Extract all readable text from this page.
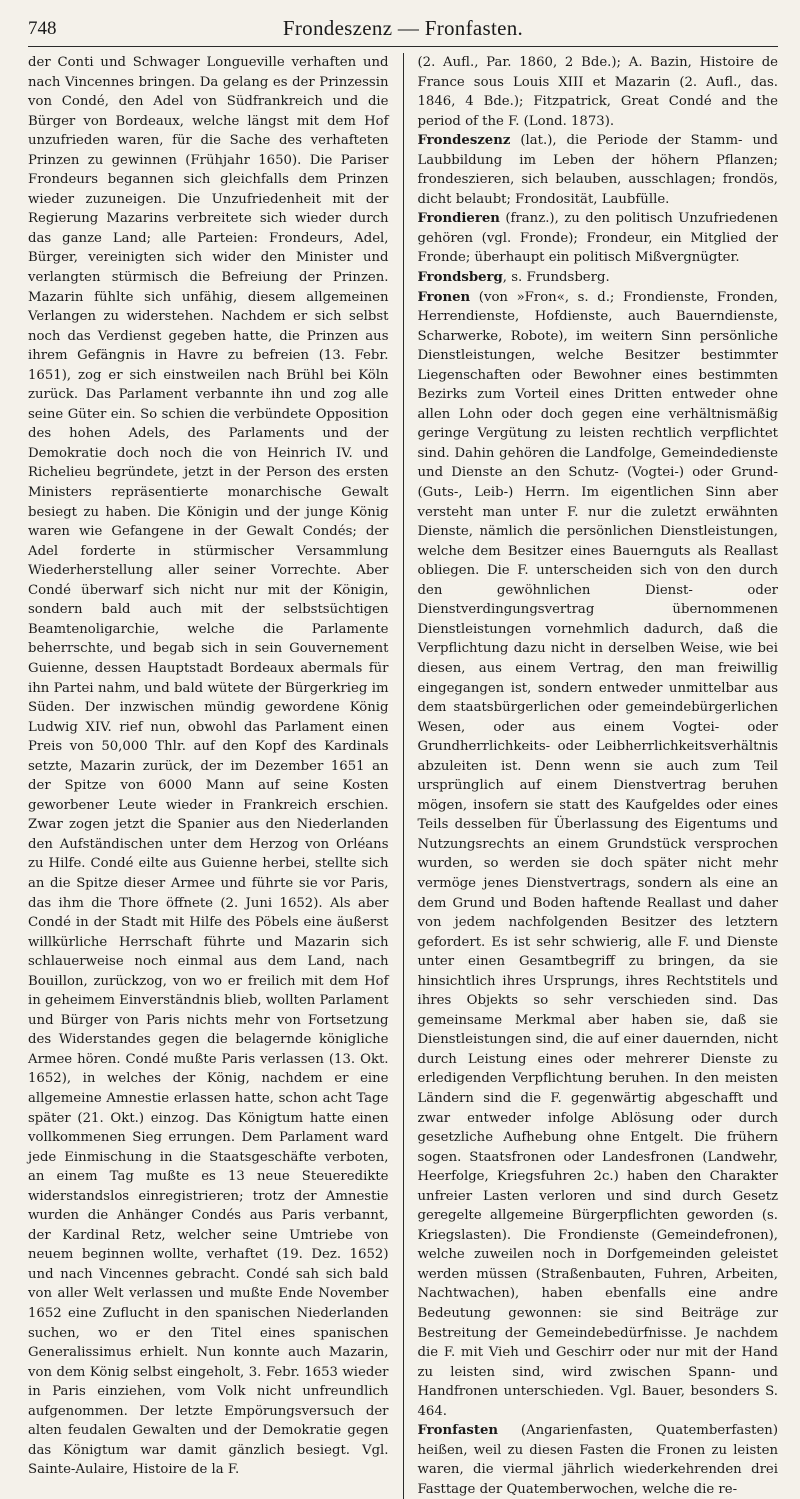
748	Frondeszenz — Fronfasten.

der Conti und Schwager Longueville verhaften und nach Vincennes bringen. Da gelang es der Prinzessin von Condé, den Adel von Südfrankreich und die Bürger von Bordeaux, welche längst mit dem Hof unzufrieden waren, für die Sache des verhafteten Prinzen zu gewinnen (Frühjahr 1650). Die Pariser Frondeurs begannen sich gleichfalls dem Prinzen wieder zuzuneigen. Die Unzufriedenheit mit der Regierung Mazarins verbreitete sich wieder durch das ganze Land; alle Parteien: Frondeurs, Adel, Bürger, vereinigten sich wider den Minister und verlangten stürmisch die Befreiung der Prinzen. Mazarin fühlte sich unfähig, diesem allgemeinen Verlangen zu widerstehen. Nachdem er sich selbst noch das Verdienst gegeben hatte, die Prinzen aus ihrem Gefängnis in Havre zu befreien (13. Febr. 1651), zog er sich einstweilen nach Brühl bei Köln zurück. Das Parlament verbannte ihn und zog alle seine Güter ein. So schien die verbündete Opposition des hohen Adels, des Parlaments und der Demokratie doch noch die von Heinrich IV. und Richelieu begründete, jetzt in der Person des ersten Ministers repräsentierte monarchische Gewalt besiegt zu haben. Die Königin und der junge König waren wie Gefangene in der Gewalt Condés; der Adel forderte in stürmischer Versammlung Wiederherstellung aller seiner Vorrechte. Aber Condé überwarf sich nicht nur mit der Königin, sondern bald auch mit der selbstsüchtigen Beamtenoligarchie, welche die Parlamente beherrschte, und begab sich in sein Gouvernement Guienne, dessen Hauptstadt Bordeaux abermals für ihn Partei nahm, und bald wütete der Bürgerkrieg im Süden. Der inzwischen mündig gewordene König Ludwig XIV. rief nun, obwohl das Parlament einen Preis von 50,000 Thlr. auf den Kopf des Kardinals setzte, Mazarin zurück, der im Dezember 1651 an der Spitze von 6000 Mann auf seine Kosten geworbener Leute wieder in Frankreich erschien. Zwar zogen jetzt die Spanier aus den Niederlanden den Aufständischen unter dem Herzog von Orléans zu Hilfe. Condé eilte aus Guienne herbei, stellte sich an die Spitze dieser Armee und führte sie vor Paris, das ihm die Thore öffnete (2. Juni 1652). Als aber Condé in der Stadt mit Hilfe des Pöbels eine äußerst willkürliche Herrschaft führte und Mazarin sich schlauerweise noch einmal aus dem Land, nach Bouillon, zurückzog, von wo er freilich mit dem Hof in geheimem Einverständnis blieb, wollten Parlament und Bürger von Paris nichts mehr von Fortsetzung des Widerstandes gegen die belagernde königliche Armee hören. Condé mußte Paris verlassen (13. Okt. 1652), in welches der König, nachdem er eine allgemeine Amnestie erlassen hatte, schon acht Tage später (21. Okt.) einzog. Das Königtum hatte einen vollkommenen Sieg errungen. Dem Parlament ward jede Einmischung in die Staatsgeschäfte verboten, an einem Tag mußte es 13 neue Steueredikte widerstandslos einregistrieren; trotz der Amnestie wurden die Anhänger Condés aus Paris verbannt, der Kardinal Retz, welcher seine Umtriebe von neuem beginnen wollte, verhaftet (19. Dez. 1652) und nach Vincennes gebracht. Condé sah sich bald von aller Welt verlassen und mußte Ende November 1652 eine Zuflucht in den spanischen Niederlanden suchen, wo er den Titel eines spanischen Generalissimus erhielt. Nun konnte auch Mazarin, von dem König selbst eingeholt, 3. Febr. 1653 wieder in Paris einziehen, vom Volk nicht unfreundlich aufgenommen. Der letzte Empörungsversuch der alten feudalen Gewalten und der Demokratie gegen das Königtum war damit gänzlich besiegt. Vgl. Sainte-Aulaire, Histoire de la F.

(2. Aufl., Par. 1860, 2 Bde.); A. Bazin, Histoire de France sous Louis XIII et Mazarin (2. Aufl., das. 1846, 4 Bde.); Fitzpatrick, Great Condé and the period of the F. (Lond. 1873).

Frondeszenz (lat.), die Periode der Stamm- und Laubbildung im Leben der höhern Pflanzen; frondeszieren, sich belauben, ausschlagen; frondös, dicht belaubt; Frondosität, Laubfülle.

Frondieren (franz.), zu den politisch Unzufriedenen gehören (vgl. Fronde); Frondeur, ein Mitglied der Fronde; überhaupt ein politisch Mißvergnügter.

Frondsberg, s. Frundsberg.

Fronen (von »Fron«, s. d.; Frondienste, Fronden, Herrendienste, Hofdienste, auch Bauerndienste, Scharwerke, Robote), im weitern Sinn persönliche Dienstleistungen, welche Besitzer bestimmter Liegenschaften oder Bewohner eines bestimmten Bezirks zum Vorteil eines Dritten entweder ohne allen Lohn oder doch gegen eine verhältnismäßig geringe Vergütung zu leisten rechtlich verpflichtet sind. Dahin gehören die Landfolge, Gemeindedienste und Dienste an den Schutz- (Vogtei-) oder Grund- (Guts-, Leib-) Herrn. Im eigentlichen Sinn aber versteht man unter F. nur die zuletzt erwähnten Dienste, nämlich die persönlichen Dienstleistungen, welche dem Besitzer eines Bauernguts als Reallast obliegen. Die F. unterscheiden sich von den durch den gewöhnlichen Dienst- oder Dienstverdingungsvertrag übernommenen Dienstleistungen vornehmlich dadurch, daß die Verpflichtung dazu nicht in derselben Weise, wie bei diesen, aus einem Vertrag, den man freiwillig eingegangen ist, sondern entweder unmittelbar aus dem staatsbürgerlichen oder gemeindebürgerlichen Wesen, oder aus einem Vogtei- oder Grundherrlichkeits- oder Leibherrlichkeitsverhältnis abzuleiten ist. Denn wenn sie auch zum Teil ursprünglich auf einem Dienstvertrag beruhen mögen, insofern sie statt des Kaufgeldes oder eines Teils desselben für Überlassung des Eigentums und Nutzungsrechts an einem Grundstück versprochen wurden, so werden sie doch später nicht mehr vermöge jenes Dienstvertrags, sondern als eine an dem Grund und Boden haftende Reallast und daher von jedem nachfolgenden Besitzer des letztern gefordert. Es ist sehr schwierig, alle F. und Dienste unter einen Gesamtbegriff zu bringen, da sie hinsichtlich ihres Ursprungs, ihres Rechtstitels und ihres Objekts so sehr verschieden sind. Das gemeinsame Merkmal aber haben sie, daß sie Dienstleistungen sind, die auf einer dauernden, nicht durch Leistung eines oder mehrerer Dienste zu erledigenden Verpflichtung beruhen. In den meisten Ländern sind die F. gegenwärtig abgeschafft und zwar entweder infolge Ablösung oder durch gesetzliche Aufhebung ohne Entgelt. Die frühern sogen. Staatsfronen oder Landesfronen (Landwehr, Heerfolge, Kriegsfuhren 2c.) haben den Charakter unfreier Lasten verloren und sind durch Gesetz geregelte allgemeine Bürgerpflichten geworden (s. Kriegslasten). Die Frondienste (Gemeindefronen), welche zuweilen noch in Dorfgemeinden geleistet werden müssen (Straßenbauten, Fuhren, Arbeiten, Nachtwachen), haben ebenfalls eine andre Bedeutung gewonnen: sie sind Beiträge zur Bestreitung der Gemeindebedürfnisse. Je nachdem die F. mit Vieh und Geschirr oder nur mit der Hand zu leisten sind, wird zwischen Spann- und Handfronen unterschieden. Vgl. Bauer, besonders S. 464.

Fronfasten (Angarienfasten, Quatemberfasten) heißen, weil zu diesen Fasten die Fronen zu leisten waren, die viermal jährlich wiederkehrenden drei Fasttage der Quatemberwochen, welche die re-
